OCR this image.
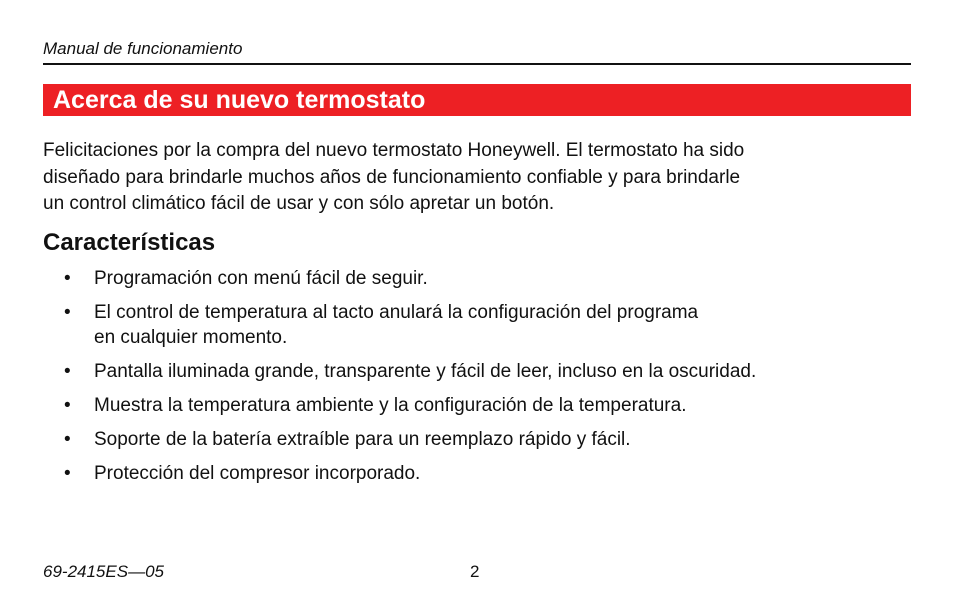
Manual de funcionamiento
Acerca de su nuevo termostato

Felicitaciones por la compra del nuevo termostato Honeywell. El termostato ha sido

diseñado para brindarle muchos años de funcionamiento confiable y para brindarle

un control climático fácil de usar y con sólo apretar un botón.

Características
• Programación con menú fácil de seguir.
• El control de temperatura al tacto anulará la configuración del programa
en cualquier momento.
• Pantalla iluminada grande, transparente y fácil de leer, incluso en la oscuridad.
• Muestra la temperatura ambiente y la configuración de la temperatura.
• Soporte de la batería extraíble para un reemplazo rápido y fácil.
• Protección del compresor incorporado.
69-2415ES—05	2
